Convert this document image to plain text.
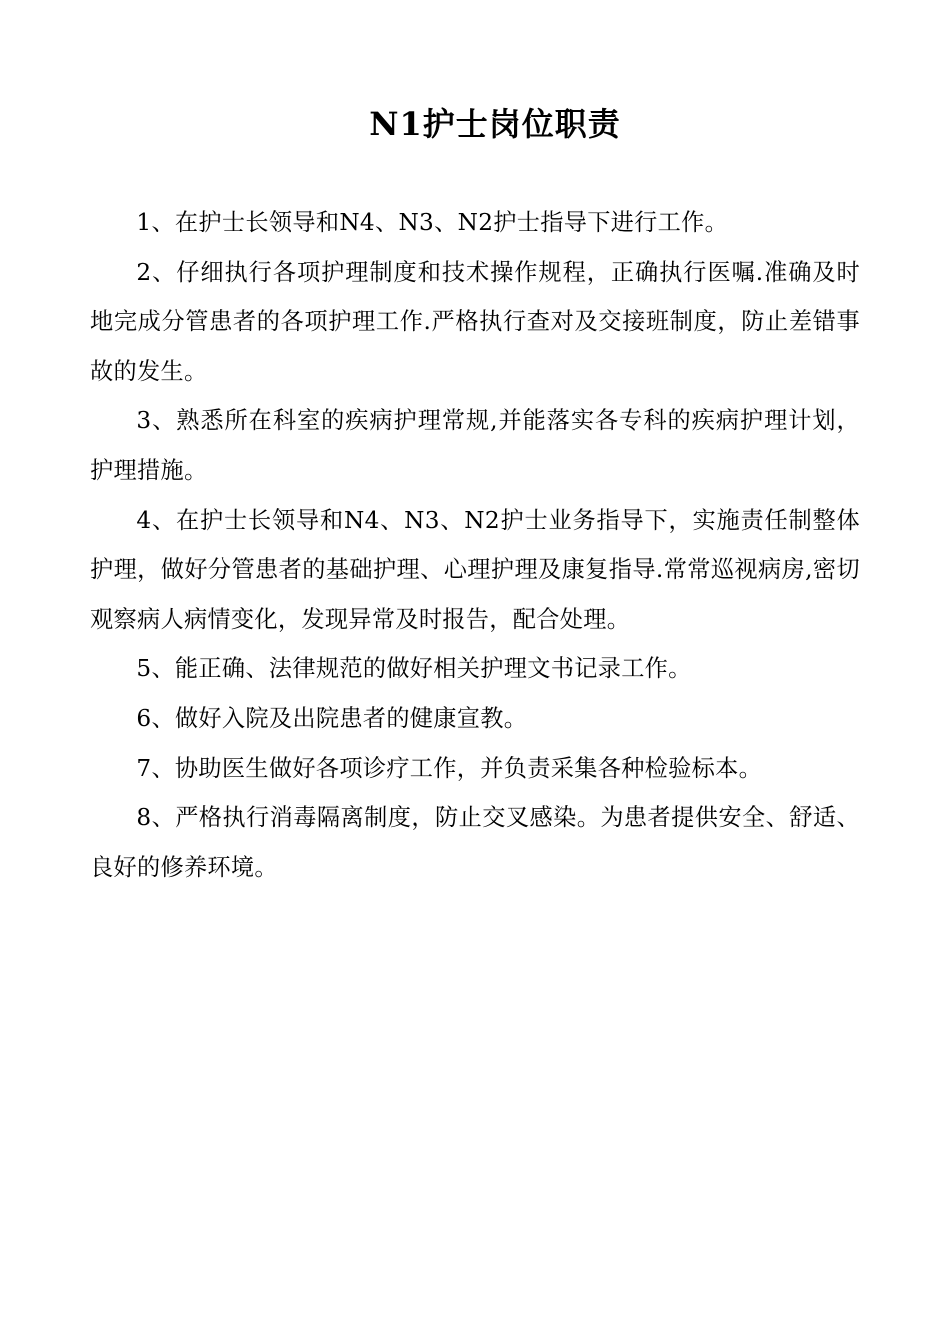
N1护士岗位职责

1、在护士长领导和N4、N3、N2护士指导下进行工作。

2、仔细执行各项护理制度和技术操作规程，正确执行医嘱.准确及时地完成分管患者的各项护理工作.严格执行查对及交接班制度，防止差错事故的发生。

3、熟悉所在科室的疾病护理常规,并能落实各专科的疾病护理计划，护理措施。

4、在护士长领导和N4、N3、N2护士业务指导下，实施责任制整体护理，做好分管患者的基础护理、心理护理及康复指导.常常巡视病房,密切观察病人病情变化，发现异常及时报告，配合处理。

5、能正确、法律规范的做好相关护理文书记录工作。

6、做好入院及出院患者的健康宣教。

7、协助医生做好各项诊疗工作，并负责采集各种检验标本。

8、严格执行消毒隔离制度，防止交叉感染。为患者提供安全、舒适、良好的修养环境。
